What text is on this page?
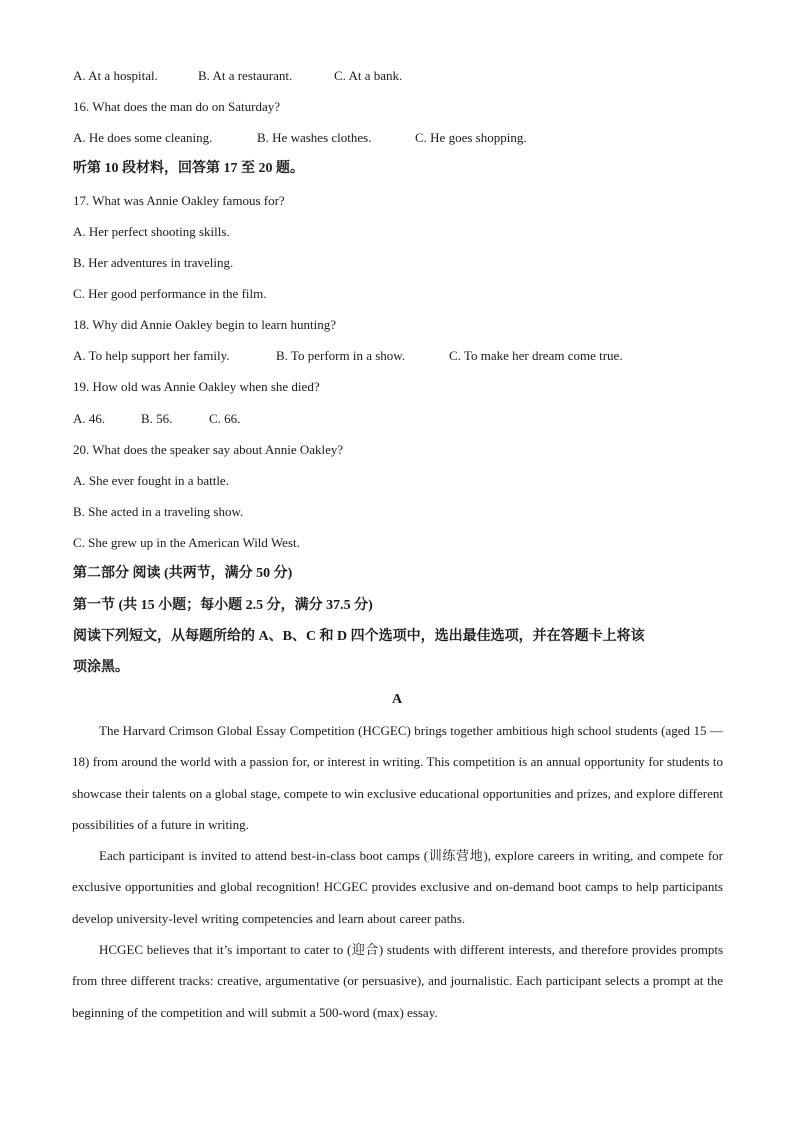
A. At a hospital.	B. At a restaurant.	C. At a bank.
16. What does the man do on Saturday?
A. He does some cleaning.	B. He washes clothes.	C. He goes shopping.
听第 10 段材料，回答第 17 至 20 题。
17. What was Annie Oakley famous for?
A. Her perfect shooting skills.
B. Her adventures in traveling.
C. Her good performance in the film.
18. Why did Annie Oakley begin to learn hunting?
A. To help support her family.	B. To perform in a show.	C. To make her dream come true.
19. How old was Annie Oakley when she died?
A. 46.	B. 56.	C. 66.
20. What does the speaker say about Annie Oakley?
A. She ever fought in a battle.
B. She acted in a traveling show.
C. She grew up in the American Wild West.
第二部分 阅读 (共两节，满分 50 分)
第一节 (共 15 小题；每小题 2.5 分，满分 37.5 分)
阅读下列短文，从每题所给的 A、B、C 和 D 四个选项中，选出最佳选项，并在答题卡上将该
项涂黑。
A

The Harvard Crimson Global Essay Competition (HCGEC) brings together ambitious high school students (aged 15 — 18) from around the world with a passion for, or interest in writing. This competition is an annual opportunity for students to showcase their talents on a global stage, compete to win exclusive educational opportunities and prizes, and explore different possibilities of a future in writing.

Each participant is invited to attend best-in-class boot camps (训练营地), explore careers in writing, and compete for exclusive opportunities and global recognition! HCGEC provides exclusive and on-demand boot camps to help participants develop university-level writing competencies and learn about career paths.

HCGEC believes that it’s important to cater to (迎合) students with different interests, and therefore provides prompts from three different tracks: creative, argumentative (or persuasive), and journalistic. Each participant selects a prompt at the beginning of the competition and will submit a 500-word (max) essay.
